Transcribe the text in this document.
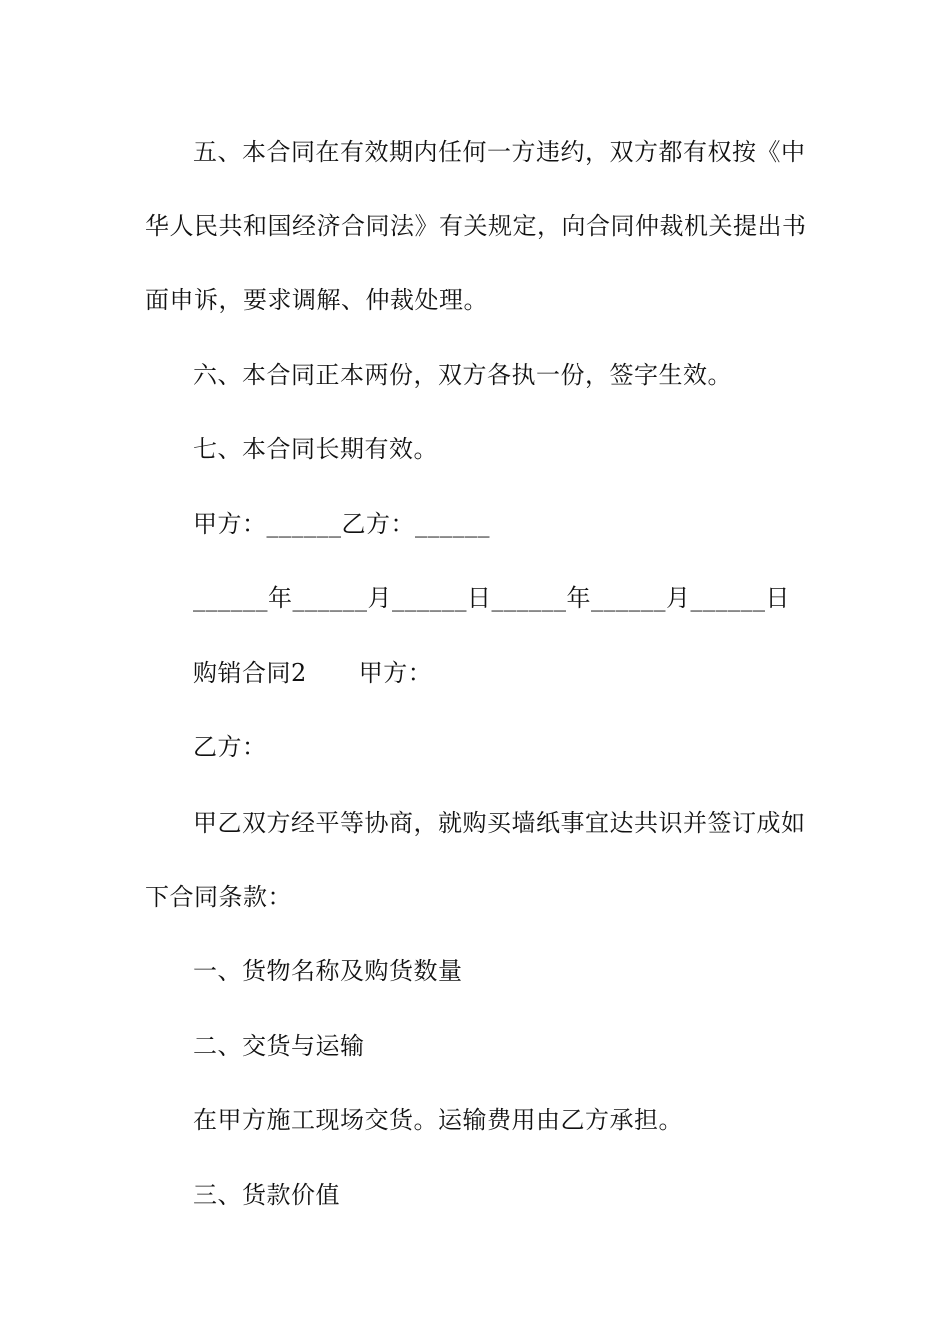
五、本合同在有效期内任何一方违约，双方都有权按《中
华人民共和国经济合同法》有关规定，向合同仲裁机关提出书
面申诉，要求调解、仲裁处理。
六、本合同正本两份，双方各执一份，签字生效。
七、本合同长期有效。
甲方：______乙方：______
______年______月______日______年______月______日
购销合同2 甲方：
乙方：
甲乙双方经平等协商，就购买墙纸事宜达共识并签订成如
下合同条款：
一、货物名称及购货数量
二、交货与运输
在甲方施工现场交货。运输费用由乙方承担。
三、货款价值
